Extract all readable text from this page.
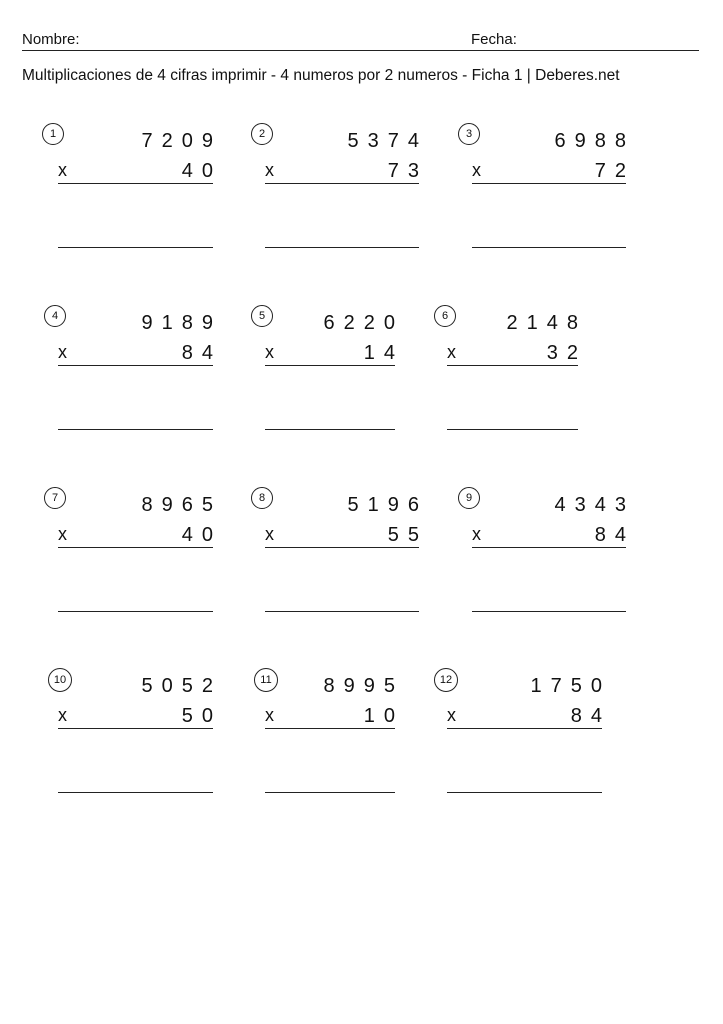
Nombre:	Fecha:
Multiplicaciones de 4 cifras imprimir - 4 numeros por 2 numeros - Ficha 1 | Deberes.net
1	7209
x	40
2	5374
x	73
3	6988
x	72
4	9189
x	84
5	6220
x	14
6	2148
x	32
7	8965
x	40
8	5196
x	55
9	4343
x	84
10	5052
x	50
11	8995
x	10
12	1750
x	84
